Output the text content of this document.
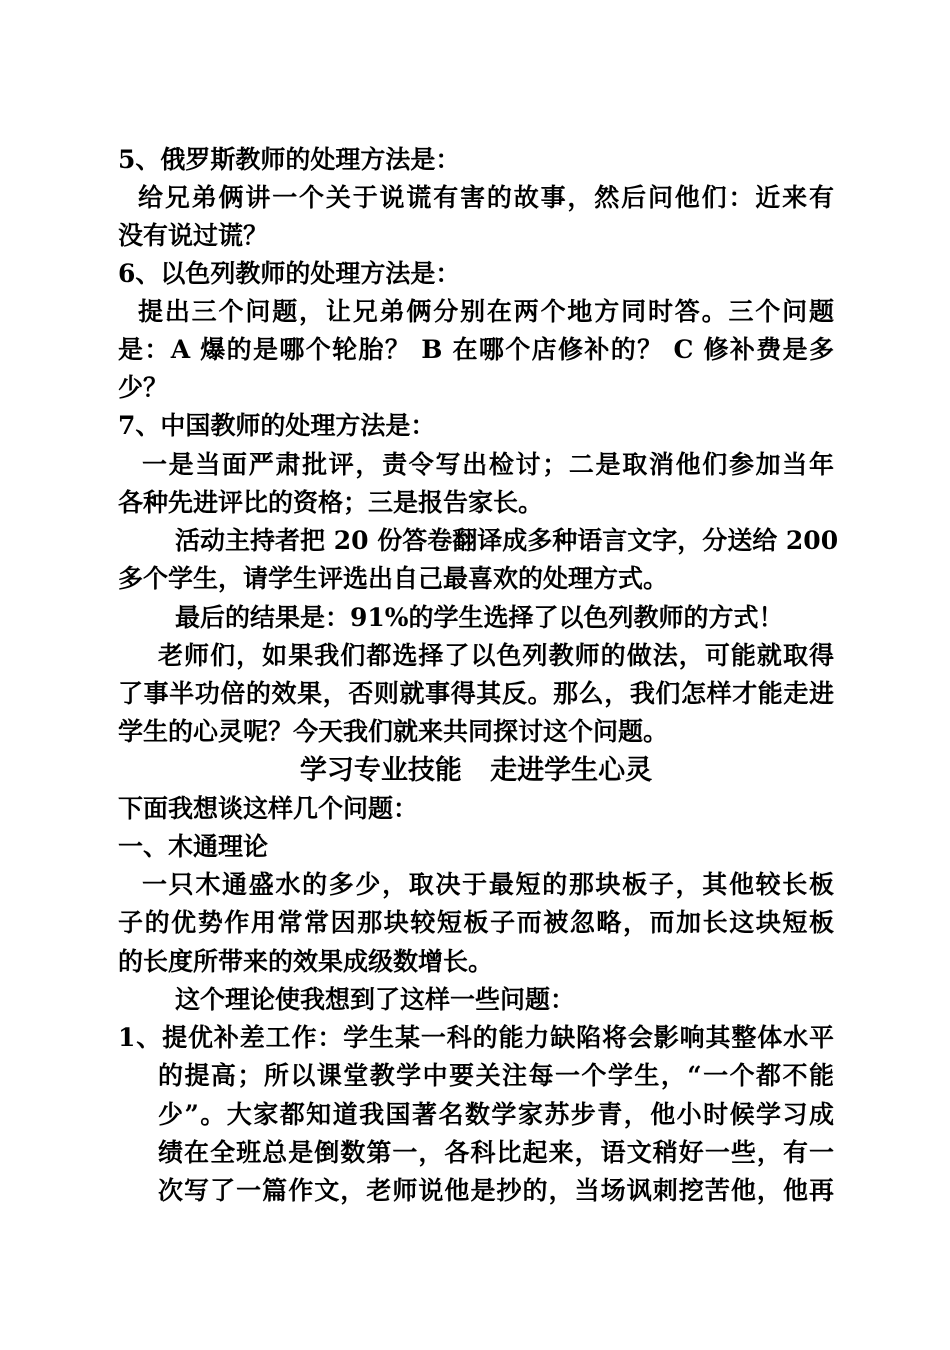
5、俄罗斯教师的处理方法是：
给兄弟俩讲一个关于说谎有害的故事，然后问他们：近来有
没有说过谎？
6、以色列教师的处理方法是：
提出三个问题，让兄弟俩分别在两个地方同时答。三个问题
是：A 爆的是哪个轮胎？ B 在哪个店修补的？ C 修补费是多
少？
7、中国教师的处理方法是：
一是当面严肃批评，责令写出检讨；二是取消他们参加当年
各种先进评比的资格；三是报告家长。
活动主持者把 20 份答卷翻译成多种语言文字，分送给 200
多个学生，请学生评选出自己最喜欢的处理方式。
最后的结果是：91%的学生选择了以色列教师的方式！
老师们，如果我们都选择了以色列教师的做法，可能就取得
了事半功倍的效果，否则就事得其反。那么，我们怎样才能走进
学生的心灵呢？今天我们就来共同探讨这个问题。
学习专业技能   走进学生心灵
下面我想谈这样几个问题：
一、木通理论
一只木通盛水的多少，取决于最短的那块板子，其他较长板
子的优势作用常常因那块较短板子而被忽略，而加长这块短板
的长度所带来的效果成级数增长。
这个理论使我想到了这样一些问题：
1、提优补差工作：学生某一科的能力缺陷将会影响其整体水平
的提高；所以课堂教学中要关注每一个学生，“一个都不能
少”。大家都知道我国著名数学家苏步青，他小时候学习成
绩在全班总是倒数第一，各科比起来，语文稍好一些，有一
次写了一篇作文，老师说他是抄的，当场讽刺挖苦他，他再
